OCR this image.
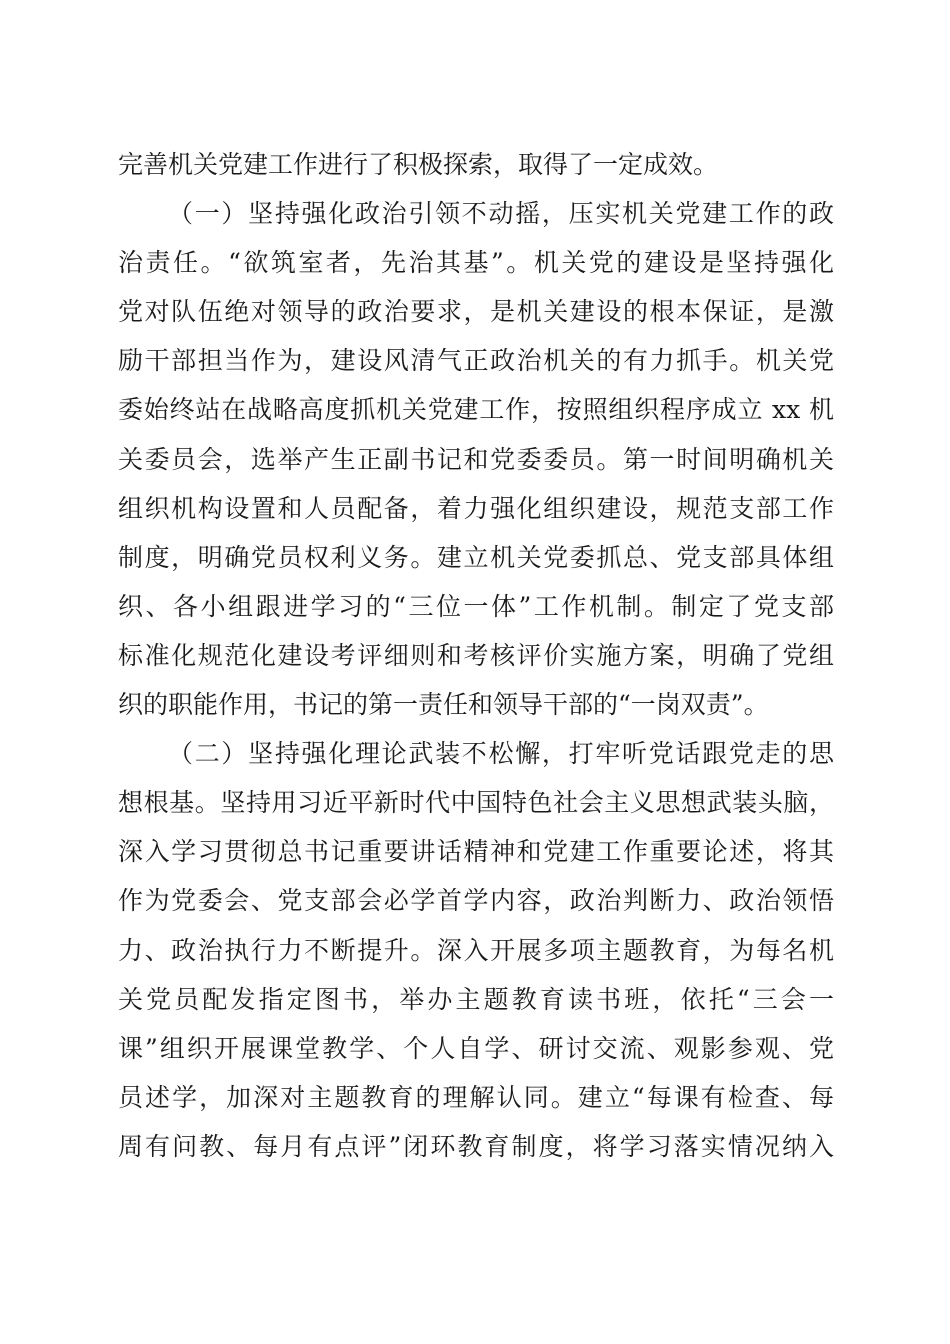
完善机关党建工作进行了积极探索，取得了一定成效。
（一）坚持强化政治引领不动摇，压实机关党建工作的政
治责任。“欲筑室者，先治其基”。机关党的建设是坚持强化
党对队伍绝对领导的政治要求，是机关建设的根本保证，是激
励干部担当作为，建设风清气正政治机关的有力抓手。机关党
委始终站在战略高度抓机关党建工作，按照组织程序成立 xx 机
关委员会，选举产生正副书记和党委委员。第一时间明确机关
组织机构设置和人员配备，着力强化组织建设，规范支部工作
制度，明确党员权利义务。建立机关党委抓总、党支部具体组
织、各小组跟进学习的“三位一体”工作机制。制定了党支部
标准化规范化建设考评细则和考核评价实施方案，明确了党组
织的职能作用，书记的第一责任和领导干部的“一岗双责”。
（二）坚持强化理论武装不松懈，打牢听党话跟党走的思
想根基。坚持用习近平新时代中国特色社会主义思想武装头脑，
深入学习贯彻总书记重要讲话精神和党建工作重要论述，将其
作为党委会、党支部会必学首学内容，政治判断力、政治领悟
力、政治执行力不断提升。深入开展多项主题教育，为每名机
关党员配发指定图书，举办主题教育读书班，依托“三会一
课”组织开展课堂教学、个人自学、研讨交流、观影参观、党
员述学，加深对主题教育的理解认同。建立“每课有检查、每
周有问教、每月有点评”闭环教育制度，将学习落实情况纳入
